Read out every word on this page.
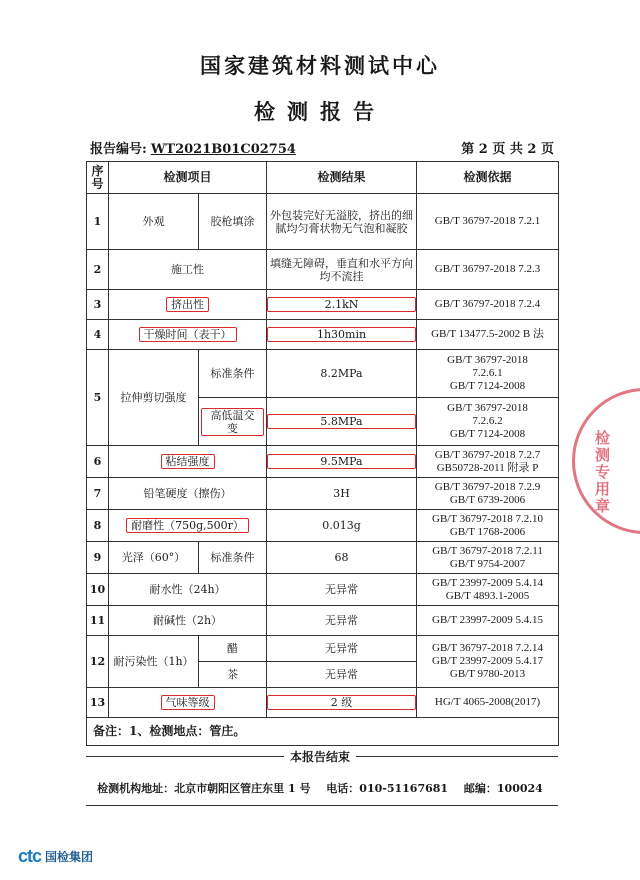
国家建筑材料测试中心
检测报告
报告编号: WT2021B01C02754	第 2 页 共 2 页
序号	检测项目		检测结果	检测依据
1	外观	胶枪填涂	外包装完好无溢胶，挤出的细腻均匀膏状物无气泡和凝胶	GB/T 36797-2018 7.2.1
2	施工性		填缝无障碍，垂直和水平方向均不流挂	GB/T 36797-2018 7.2.3
3	挤出性		2.1kN	GB/T 36797-2018 7.2.4
4	干燥时间（表干）		1h30min	GB/T 13477.5-2002 B 法
5	拉伸剪切强度	标准条件	8.2MPa	GB/T 36797-2018
7.2.6.1
GB/T 7124-2008

		高低温交变	5.8MPa	GB/T 36797-2018
7.2.6.2
GB/T 7124-2008

6	粘结强度		9.5MPa	GB/T 36797-2018 7.2.7
GB50728-2011 附录 P

7	铅笔硬度（擦伤）		3H	GB/T 36797-2018 7.2.9
GB/T 6739-2006

8	耐磨性（750g,500r）		0.013g	GB/T 36797-2018 7.2.10
GB/T 1768-2006

9	光泽（60°）	标准条件	68	GB/T 36797-2018 7.2.11
GB/T 9754-2007

10	耐水性（24h）		无异常	GB/T 23997-2009 5.4.14
GB/T 4893.1-2005

11	耐碱性（2h）		无异常	GB/T 23997-2009 5.4.15
12	耐污染性（1h）	醋	无异常	GB/T 36797-2018 7.2.14
GB/T 23997-2009 5.4.17
GB/T 9780-2013

		茶	无异常	
13	气味等级		2 级	HG/T 4065-2008(2017)
备注：1、检测地点：管庄。				
本报告结束
检测机构地址：北京市朝阳区管庄东里 1 号 电话：010-51167681 邮编：100024
ctc 国检集团
检测专用章
